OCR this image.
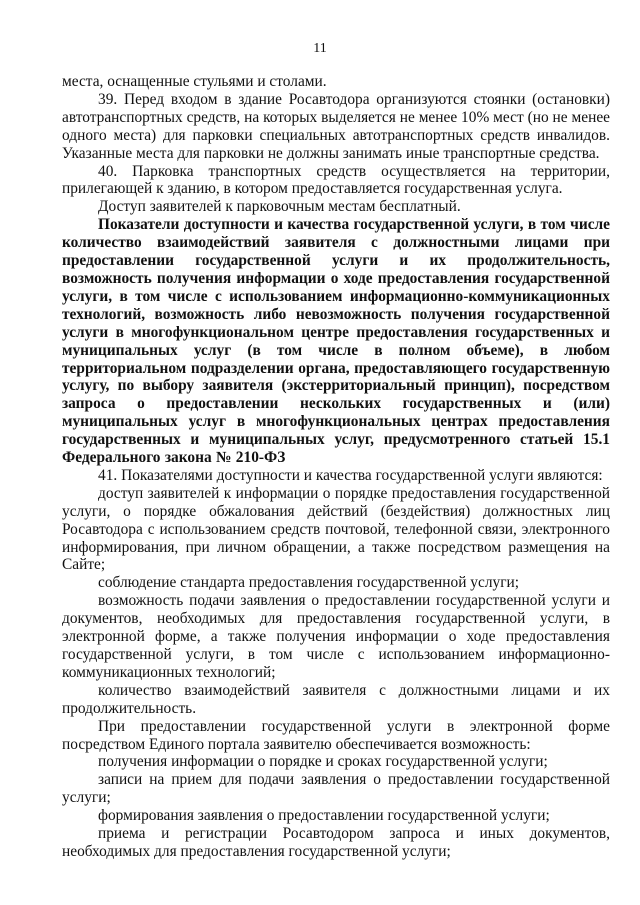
11

места, оснащенные стульями и столами.

39. Перед входом в здание Росавтодора организуются стоянки (остановки) автотранспортных средств, на которых выделяется не менее 10% мест (но не менее одного места) для парковки специальных автотранспортных средств инвалидов. Указанные места для парковки не должны занимать иные транспортные средства.

40. Парковка транспортных средств осуществляется на территории, прилегающей к зданию, в котором предоставляется государственная услуга.

Доступ заявителей к парковочным местам бесплатный.

Показатели доступности и качества государственной услуги, в том числе количество взаимодействий заявителя с должностными лицами при предоставлении государственной услуги и их продолжительность, возможность получения информации о ходе предоставления государственной услуги, в том числе с использованием информационно-коммуникационных технологий, возможность либо невозможность получения государственной услуги в многофункциональном центре предоставления государственных и муниципальных услуг (в том числе в полном объеме), в любом территориальном подразделении органа, предоставляющего государственную услугу, по выбору заявителя (экстерриториальный принцип), посредством запроса о предоставлении нескольких государственных и (или) муниципальных услуг в многофункциональных центрах предоставления государственных и муниципальных услуг, предусмотренного статьей 15.1 Федерального закона № 210-ФЗ

41. Показателями доступности и качества государственной услуги являются:

доступ заявителей к информации о порядке предоставления государственной услуги, о порядке обжалования действий (бездействия) должностных лиц Росавтодора с использованием средств почтовой, телефонной связи, электронного информирования, при личном обращении, а также посредством размещения на Сайте;

соблюдение стандарта предоставления государственной услуги;

возможность подачи заявления о предоставлении государственной услуги и документов, необходимых для предоставления государственной услуги, в электронной форме, а также получения информации о ходе предоставления государственной услуги, в том числе с использованием информационно-коммуникационных технологий;

количество взаимодействий заявителя с должностными лицами и их продолжительность.

При предоставлении государственной услуги в электронной форме посредством Единого портала заявителю обеспечивается возможность:

получения информации о порядке и сроках государственной услуги;

записи на прием для подачи заявления о предоставлении государственной услуги;

формирования заявления о предоставлении государственной услуги;

приема и регистрации Росавтодором запроса и иных документов, необходимых для предоставления государственной услуги;
